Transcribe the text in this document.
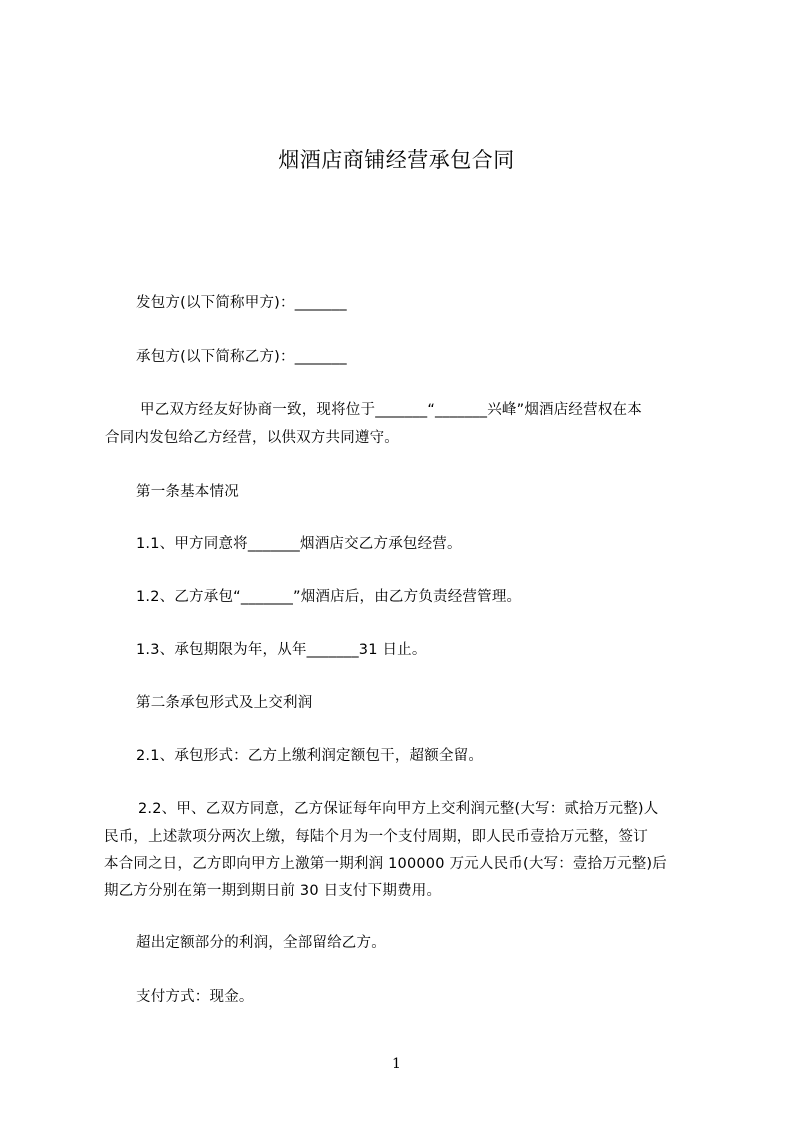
烟酒店商铺经营承包合同
发包方(以下简称甲方)：_______
承包方(以下简称乙方)：_______
甲乙双方经友好协商一致，现将位于_______“_______兴峰”烟酒店经营权在本
合同内发包给乙方经营，以供双方共同遵守。
第一条基本情况
1.1、甲方同意将_______烟酒店交乙方承包经营。
1.2、乙方承包“_______”烟酒店后，由乙方负责经营管理。
1.3、承包期限为年，从年_______31 日止。
第二条承包形式及上交利润
2.1、承包形式：乙方上缴利润定额包干，超额全留。
2.2、甲、乙双方同意，乙方保证每年向甲方上交利润元整(大写：贰拾万元整)人
民币，上述款项分两次上缴，每陆个月为一个支付周期，即人民币壹拾万元整，签订
本合同之日，乙方即向甲方上激第一期利润 100000 万元人民币(大写：壹拾万元整)后
期乙方分别在第一期到期日前 30 日支付下期费用。
超出定额部分的利润，全部留给乙方。
支付方式：现金。
1
